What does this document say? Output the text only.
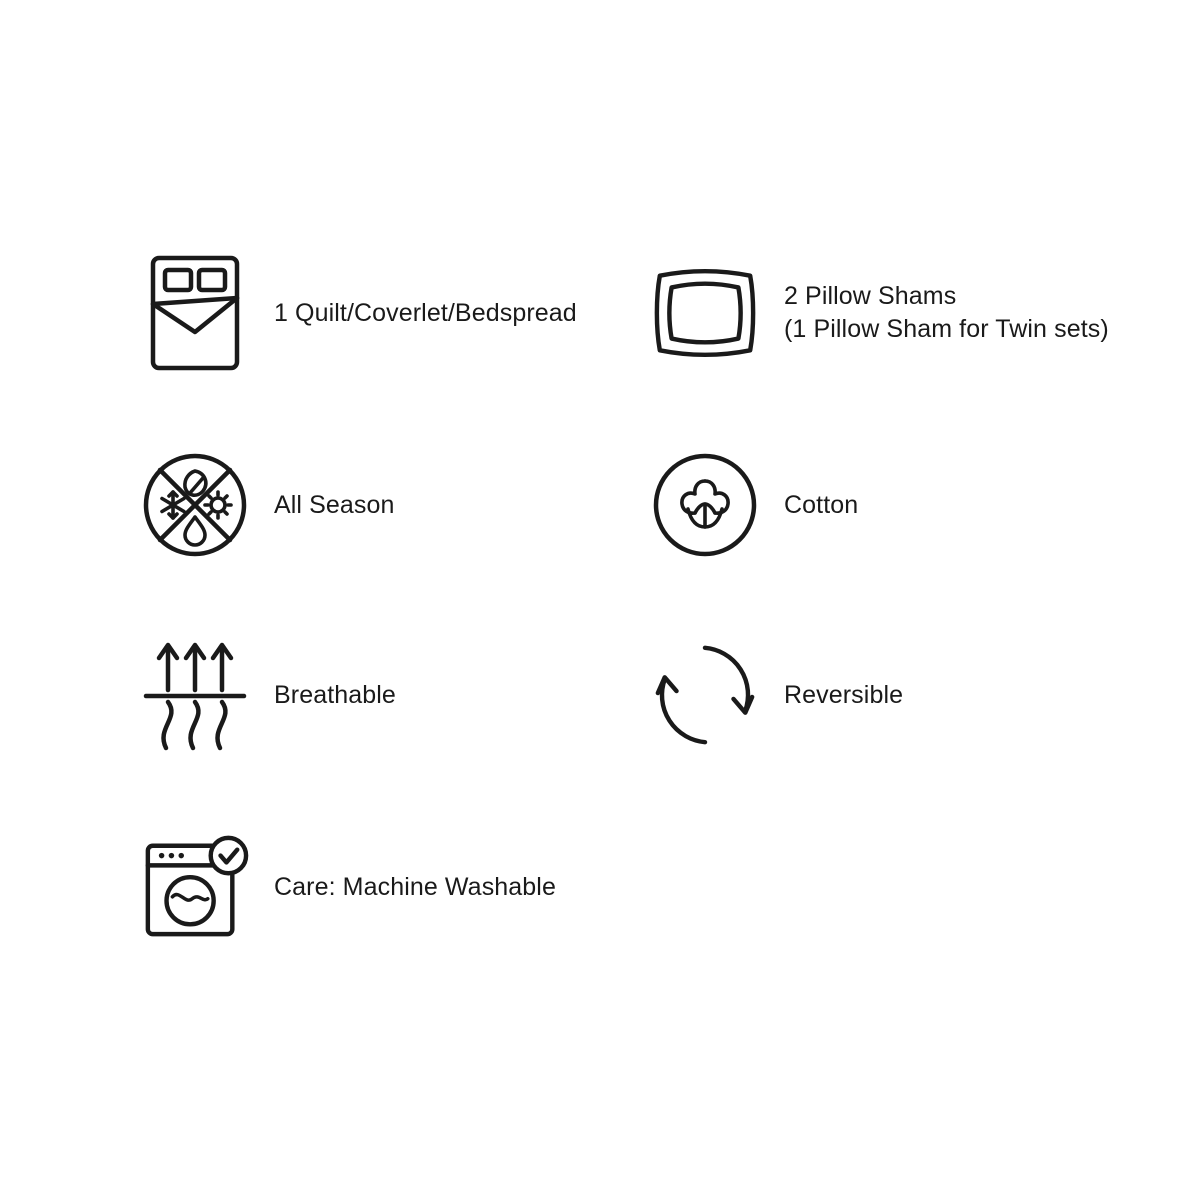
1 Quilt/Coverlet/Bedspread
2 Pillow Shams
(1 Pillow Sham for Twin sets)
All Season	Cotton
Breathable	Reversible
Care: Machine Washable
